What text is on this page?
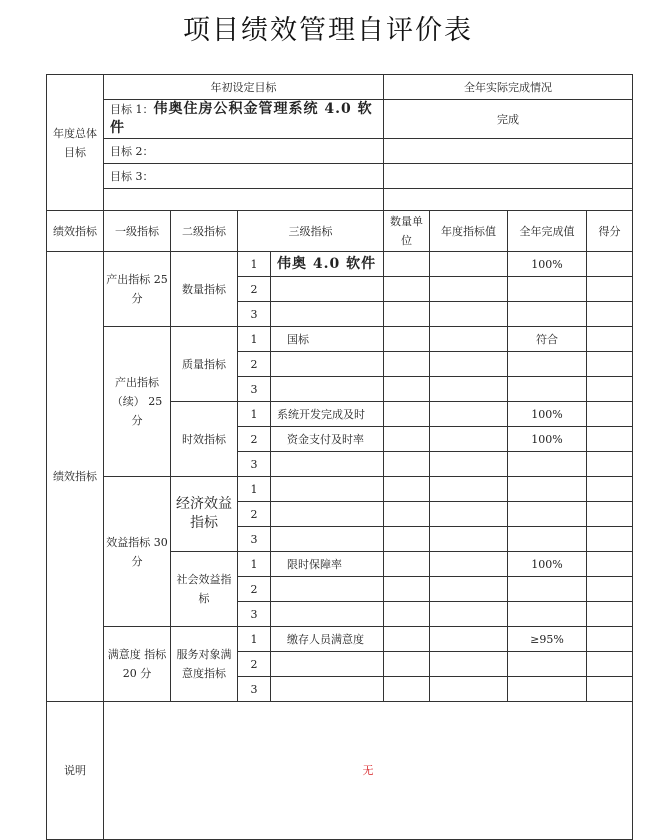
项目绩效管理自评价表
年度总体目标	年初设定目标				全年实际完成情况			
	目标 1：伟奥住房公积金管理系统 4.0 软件				完成			
	目标 2：							
	目标 3：							

绩效指标	一级指标	二级指标	三级指标		数量单位	年度指标值	全年完成值	得分
绩效指标	产出指标 25 分	数量指标	1	伟奥 4.0 软件			100%	
			2					
			3					
	产出指标 （续） 25 分	质量指标	1	国标			符合	
			2					
			3					
		时效指标	1	系统开发完成及时			100%	
			2	资金支付及时率			100%	
			3					
	效益指标 30 分	经济效益指标	1					
			2					
			3					
		社会效益指标	1	限时保障率			100%	
			2					
			3					
	满意度 指标 20 分	服务对象满意度指标	1	缴存人员满意度			≥95%	
			2					
			3					
说明	无							
